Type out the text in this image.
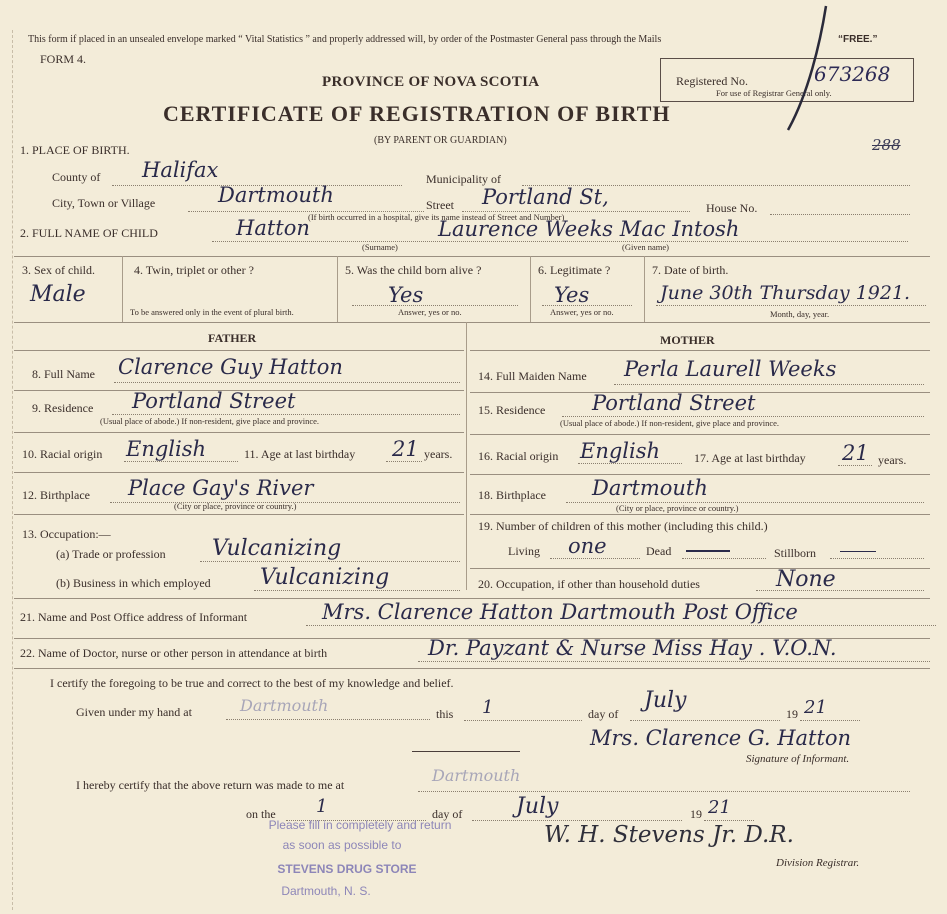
This form if placed in an unsealed envelope marked “ Vital Statistics ” and properly addressed will, by order of the Postmaster General pass through the Mails	“FREE.”
FORM 4.
PROVINCE OF NOVA SCOTIA
CERTIFICATE OF REGISTRATION OF BIRTH
(BY PARENT OR GUARDIAN)
Registered No.	673268
For use of Registrar General only.
288
1. PLACE OF BIRTH.
County of Halifax	Municipality of
City, Town or Village	Dartmouth	Street Portland St,	House No.
(If birth occurred in a hospital, give its name instead of Street and Number)
2. FULL NAME OF CHILD	Hatton
(Surname)
Laurence Weeks Mac Intosh
(Given name)
3. Sex of child.
Male
4. Twin, triplet or other ?
To be answered only in the event of plural birth.
5. Was the child born alive ?
Yes
Answer, yes or no.
6. Legitimate ?
Yes
Answer, yes or no.
7. Date of birth.
June 30th Thursday 1921.
Month, day, year.
FATHER	MOTHER
8. Full Name Clarence Guy Hatton
9. Residence Portland Street
(Usual place of abode.) If non-resident, give place and province.
10. Racial origin English	11. Age at last birthday 21 years.
12. Birthplace Place Gay's River
(City or place, province or country.)
13. Occupation:—
(a) Trade or profession Vulcanizing
(b) Business in which employed Vulcanizing
14. Full Maiden Name Perla Laurell Weeks
15. Residence Portland Street
(Usual place of abode.) If non-resident, give place and province.
16. Racial origin English	17. Age at last birthday 21 years.
18. Birthplace Dartmouth
(City or place, province or country.)
19. Number of children of this mother (including this child.)
Living one	Dead	Stillborn
20. Occupation, if other than household duties	None
21. Name and Post Office address of Informant	Mrs. Clarence Hatton Dartmouth Post Office
22. Name of Doctor, nurse or other person in attendance at birth	Dr. Payzant & Nurse Miss Hay . V.O.N.
I certify the foregoing to be true and correct to the best of my knowledge and belief.
Given under my hand at	Dartmouth	this 1	day of
July
19 21
Mrs. Clarence G. Hatton
Signature of Informant.
I hereby certify that the above return was made to me at	Dartmouth
on the 1	day of July	19 21
W. H. Stevens Jr. D.R.
Division Registrar.
Please fill in completely and return
as soon as possible to
STEVENS DRUG STORE
Dartmouth, N. S.
